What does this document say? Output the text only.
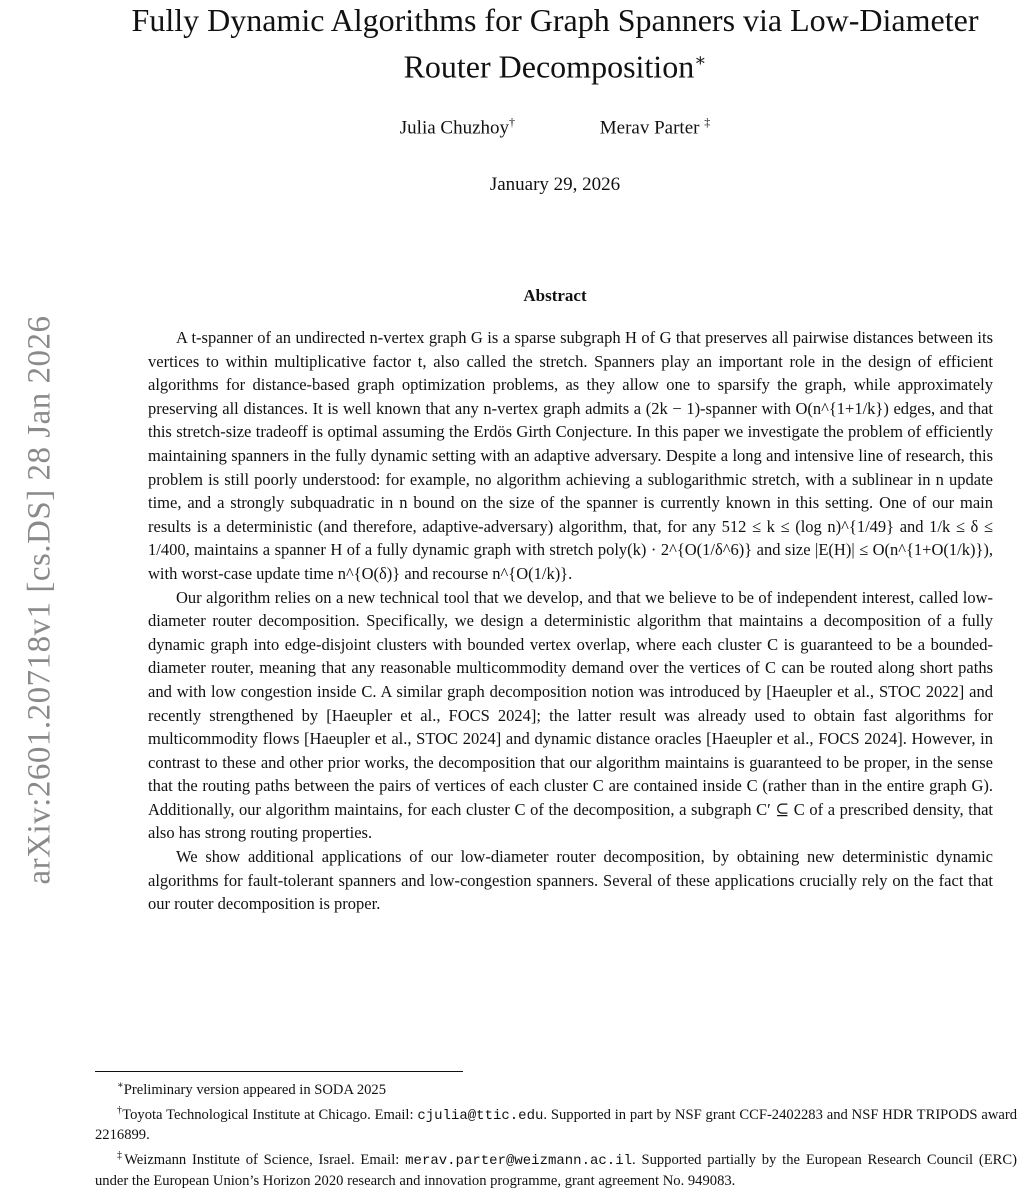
arXiv:2601.20718v1 [cs.DS] 28 Jan 2026
Fully Dynamic Algorithms for Graph Spanners via Low-Diameter
Router Decomposition∗
Julia Chuzhoy†	Merav Parter ‡
January 29, 2026
Abstract

A t-spanner of an undirected n-vertex graph G is a sparse subgraph H of G that preserves all pairwise distances between its vertices to within multiplicative factor t, also called the stretch. Spanners play an important role in the design of efficient algorithms for distance-based graph optimization problems, as they allow one to sparsify the graph, while approximately preserving all distances. It is well known that any n-vertex graph admits a (2k − 1)-spanner with O(n^{1+1/k}) edges, and that this stretch-size tradeoff is optimal assuming the Erdös Girth Conjecture. In this paper we investigate the problem of efficiently maintaining spanners in the fully dynamic setting with an adaptive adversary. Despite a long and intensive line of research, this problem is still poorly understood: for example, no algorithm achieving a sublogarithmic stretch, with a sublinear in n update time, and a strongly subquadratic in n bound on the size of the spanner is currently known in this setting. One of our main results is a deterministic (and therefore, adaptive-adversary) algorithm, that, for any 512 ≤ k ≤ (log n)^{1/49} and 1/k ≤ δ ≤ 1/400, maintains a spanner H of a fully dynamic graph with stretch poly(k) · 2^{O(1/δ^6)} and size |E(H)| ≤ O(n^{1+O(1/k)}), with worst-case update time n^{O(δ)} and recourse n^{O(1/k)}.

Our algorithm relies on a new technical tool that we develop, and that we believe to be of independent interest, called low-diameter router decomposition. Specifically, we design a deterministic algorithm that maintains a decomposition of a fully dynamic graph into edge-disjoint clusters with bounded vertex overlap, where each cluster C is guaranteed to be a bounded-diameter router, meaning that any reasonable multicommodity demand over the vertices of C can be routed along short paths and with low congestion inside C. A similar graph decomposition notion was introduced by [Haeupler et al., STOC 2022] and recently strengthened by [Haeupler et al., FOCS 2024]; the latter result was already used to obtain fast algorithms for multicommodity flows [Haeupler et al., STOC 2024] and dynamic distance oracles [Haeupler et al., FOCS 2024]. However, in contrast to these and other prior works, the decomposition that our algorithm maintains is guaranteed to be proper, in the sense that the routing paths between the pairs of vertices of each cluster C are contained inside C (rather than in the entire graph G). Additionally, our algorithm maintains, for each cluster C of the decomposition, a subgraph C′ ⊆ C of a prescribed density, that also has strong routing properties.

We show additional applications of our low-diameter router decomposition, by obtaining new deterministic dynamic algorithms for fault-tolerant spanners and low-congestion spanners. Several of these applications crucially rely on the fact that our router decomposition is proper.

∗Preliminary version appeared in SODA 2025

†Toyota Technological Institute at Chicago. Email: cjulia@ttic.edu. Supported in part by NSF grant CCF-2402283 and NSF HDR TRIPODS award 2216899.

‡Weizmann Institute of Science, Israel. Email: merav.parter@weizmann.ac.il. Supported partially by the European Research Council (ERC) under the European Union’s Horizon 2020 research and innovation programme, grant agreement No. 949083.
